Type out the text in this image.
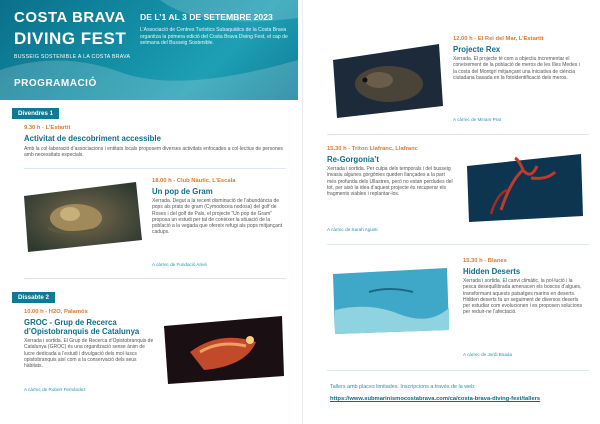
COSTA BRAVA
DIVING FEST
BUSSEIG SOSTENIBLE A LA COSTA BRAVA
DE L’1 AL 3 DE SETEMBRE 2023
L’Associació de Centres Turístics Subaquàtics de la Costa Brava organitza la primera edició del Costa Brava Diving Fest, el cap de setmana del Busseig Sostenible.
PROGRAMACIÓ
Divendres 1
9.30 h - L’Estartit
Activitat de descobriment accessible
Amb la col·laboració d’associacions i entitats locals proposem diverses activitats enfocades a col·lectius de persones amb necessitats especials.
18.00 h - Club Nàutic, L’Escala
Un pop de Gram
Xerrada. Degut a la recent disminució de l’abundància de pops als prats de gram (Cymodocea nodosa) del golf de Roses i del golf de Pals, el projecte “Un pop de Gram” proposa un estudi per tal de conèixer la situació de la població a la vegada que ofereix refugi als pops mitjançant cadups.
A càrrec de Fundació Arivé
Dissabte 2
10.00 h - H2O, Palamós
GROC - Grup de Recerca d’Opistobranquis de Catalunya
Xerrada i sortida. El Grup de Recerca d’Opistobranquis de Catalunya (GROC) és una organització sense ànim de lucre dedicada a l’estudi i divulgació dels mol·luscs opistobranquis així com a la conservació dels seus hàbitats.
A càrrec de Robert Fernández
12.00 h - El Rei del Mar, L’Estartit
Projecte Rex
Xerrada. El projecte té com a objectiu incrementar el coneixement de la població de meros de les Illes Medes i la costa del Montgrí mitjançant una iniciativa de ciència ciutadana basada en la fotoidentificació dels meros.
A càrrec de Miriam Prat
15.30 h - Triton Llafranc, Llafranc
Re-Gorgonia’t
Xerrada i sortida. Per culpa dels temporals i del busseig invasiu algunes gorgònies queden llançades a la part més profunda dels Ullastres, però no estan perdudes del tot, per això la idea d’aquest projecte és recuperar els fragments viables i replantar-los.
A càrrec de Sarah Agusti
15.30 h - Blanes
Hidden Deserts
Xerrada i sortida. El canvi climàtic, la pol·lució i la pesca desequilibrada amenacen els boscos d’algues, transformant aquests paisatges marins en deserts. Hidden deserts fa un seguiment de diversos deserts per estudiar com evolucionen i es proposen solucions per reduir-ne l’afectació.
A càrrec de Jordi Boada
Tallers amb places limitades. Inscripcions a través de la web:
https://www.submarinismocostabrava.com/ca/costa-brava-diving-fest/tallers
